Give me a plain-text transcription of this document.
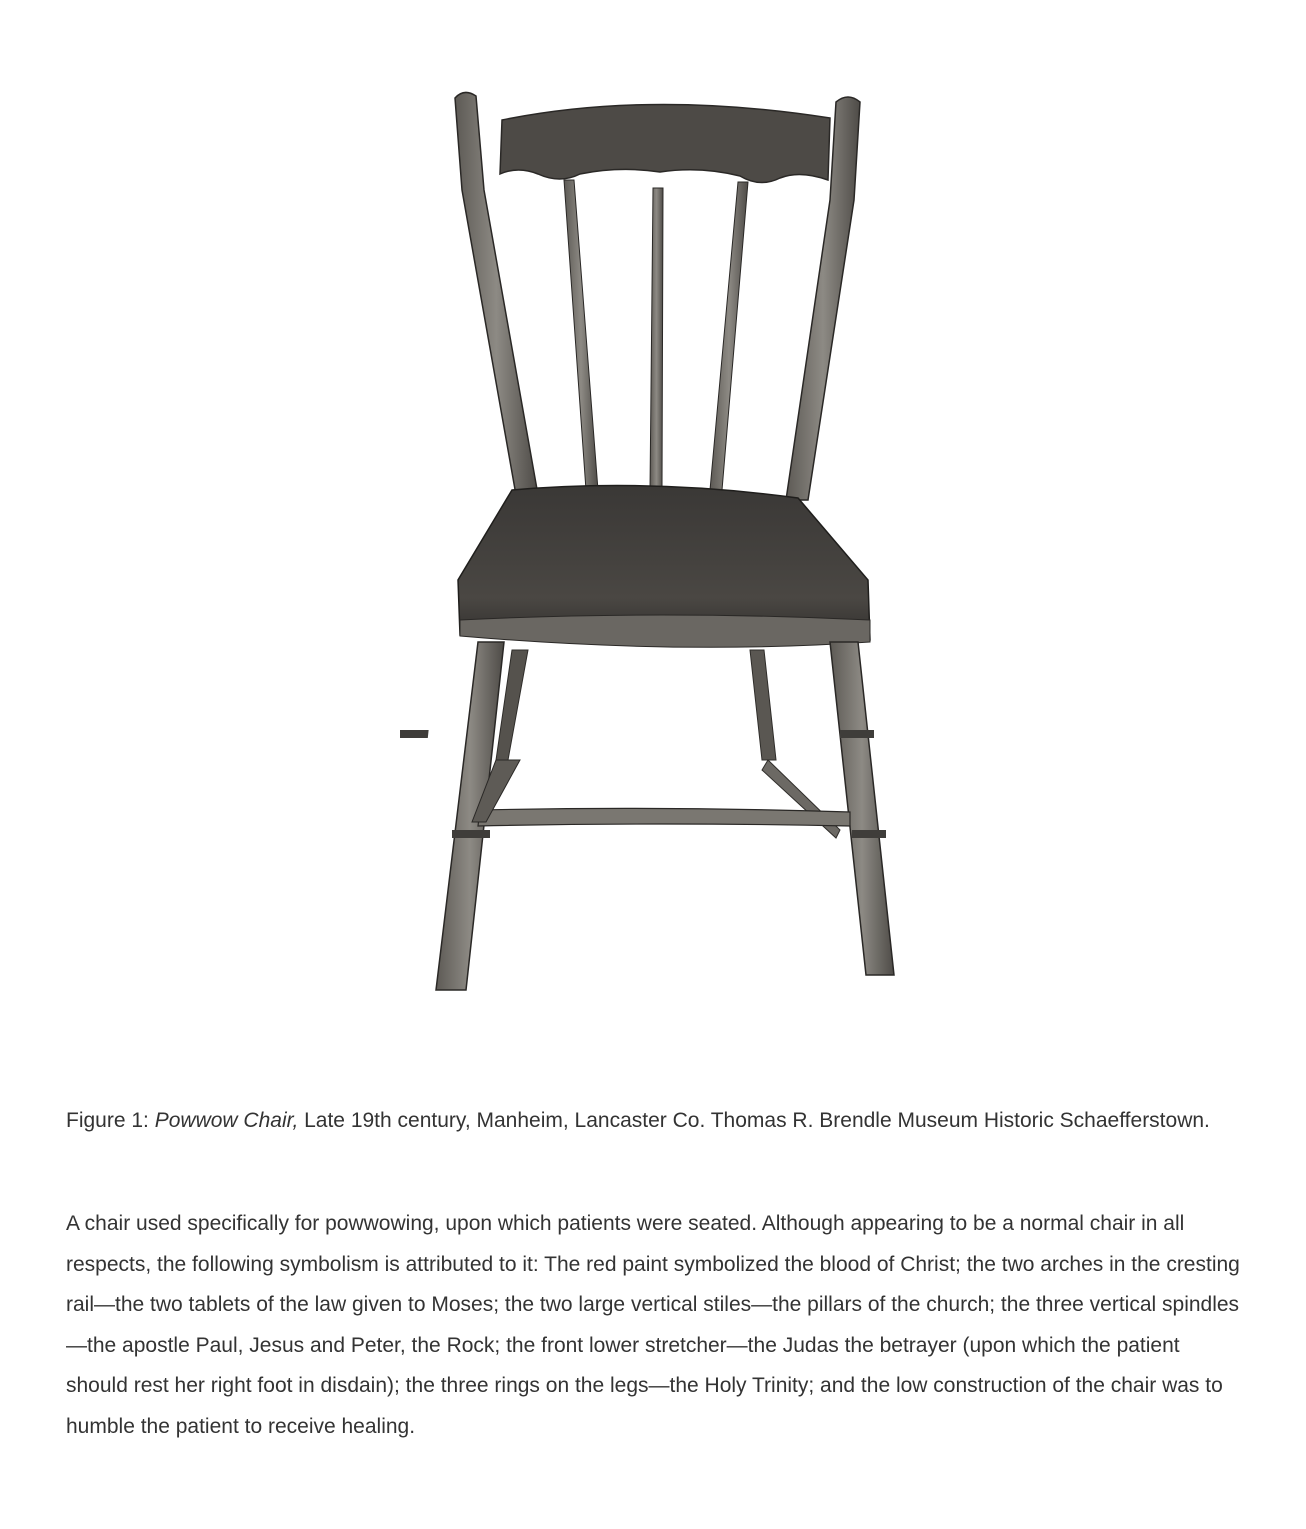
Figure 1: Powwow Chair, Late 19th century, Manheim, Lancaster Co. Thomas R. Brendle Museum Historic Schaefferstown.

A chair used specifically for powwowing, upon which patients were seated. Although appearing to be a normal chair in all respects, the following symbolism is attributed to it: The red paint symbolized the blood of Christ; the two arches in the cresting rail—the two tablets of the law given to Moses; the two large vertical stiles—the pillars of the church; the three vertical spindles—the apostle Paul, Jesus and Peter, the Rock; the front lower stretcher—the Judas the betrayer (upon which the patient should rest her right foot in disdain); the three rings on the legs—the Holy Trinity; and the low construction of the chair was to humble the patient to receive healing.
